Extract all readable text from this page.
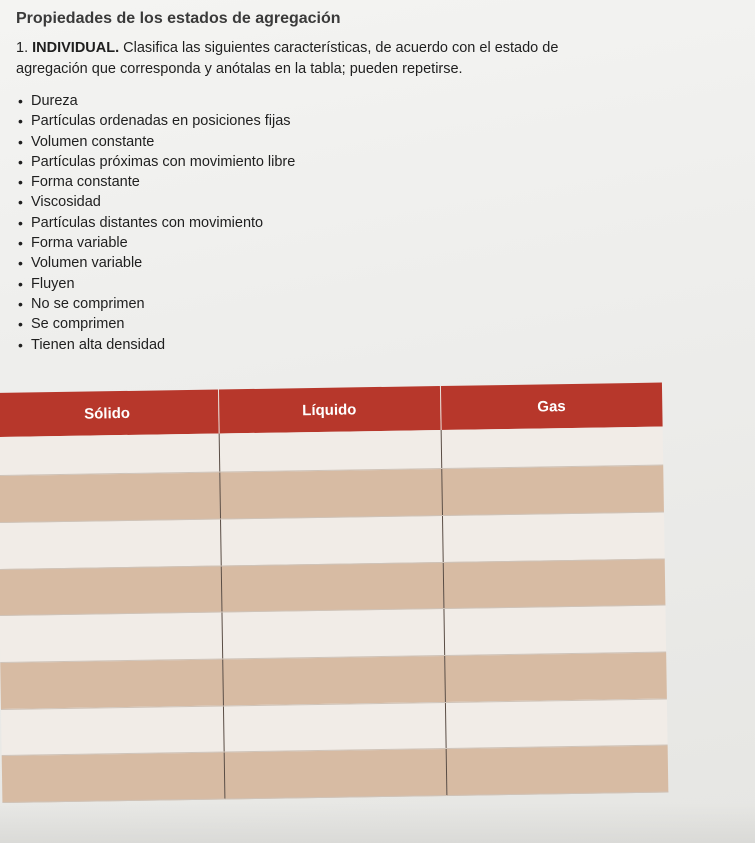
Propiedades de los estados de agregación

1. INDIVIDUAL. Clasifica las siguientes características, de acuerdo con el estado de agregación que corresponda y anótalas en la tabla; pueden repetirse.

• Dureza
• Partículas ordenadas en posiciones fijas
• Volumen constante
• Partículas próximas con movimiento libre
• Forma constante
• Viscosidad
• Partículas distantes con movimiento
• Forma variable
• Volumen variable
• Fluyen
• No se comprimen
• Se comprimen
• Tienen alta densidad
Sólido	Líquido	Gas
